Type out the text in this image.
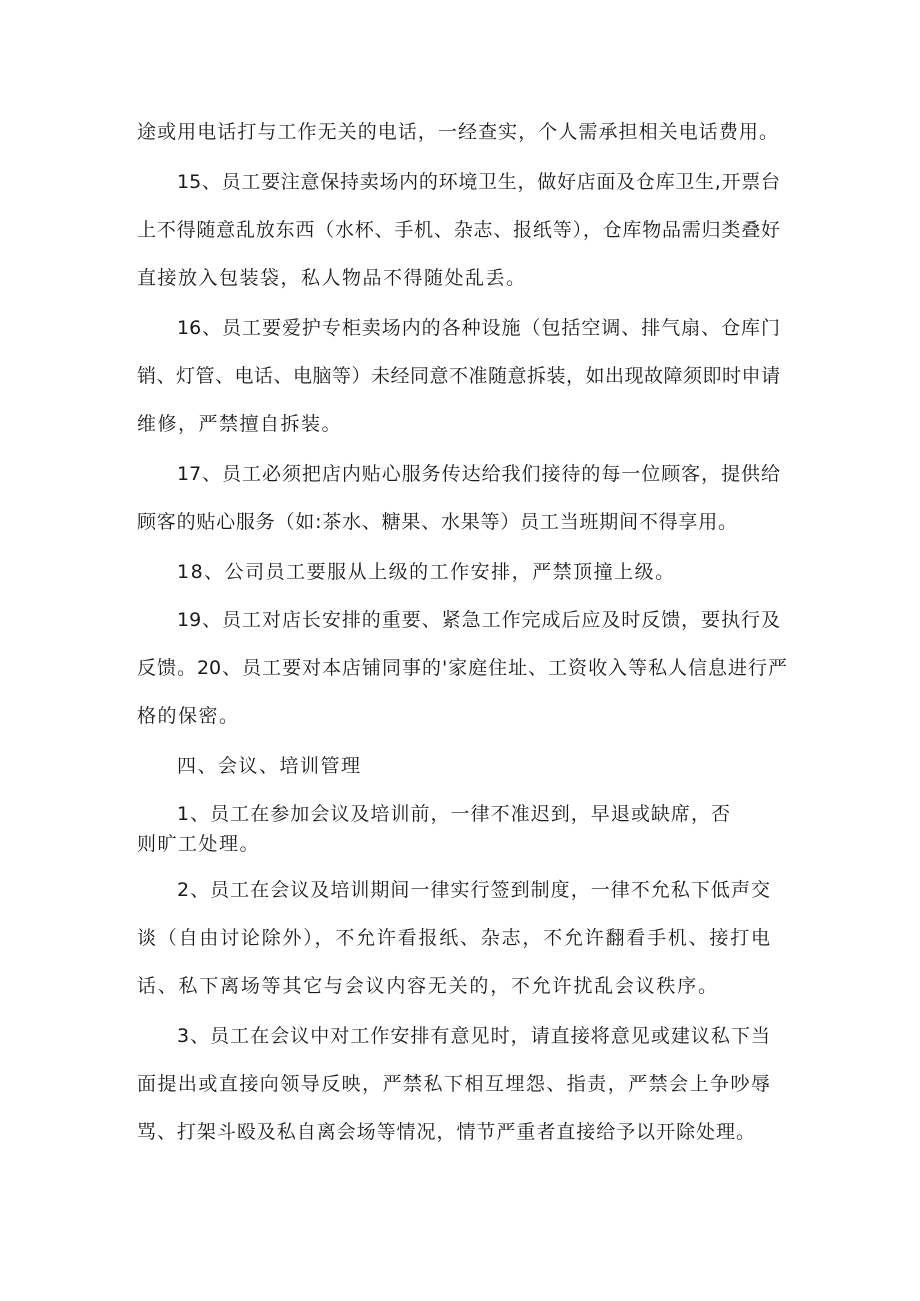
途或用电话打与工作无关的电话，一经查实，个人需承担相关电话费用。
15、员工要注意保持卖场内的环境卫生，做好店面及仓库卫生,开票台
上不得随意乱放东西（水杯、手机、杂志、报纸等），仓库物品需归类叠好
直接放入包装袋，私人物品不得随处乱丢。
16、员工要爱护专柜卖场内的各种设施（包括空调、排气扇、仓库门
销、灯管、电话、电脑等）未经同意不准随意拆装，如出现故障须即时申请
维修，严禁擅自拆装。
17、员工必须把店内贴心服务传达给我们接待的每一位顾客，提供给
顾客的贴心服务（如:茶水、糖果、水果等）员工当班期间不得享用。
18、公司员工要服从上级的工作安排，严禁顶撞上级。
19、员工对店长安排的重要、紧急工作完成后应及时反馈，要执行及
反馈。20、员工要对本店铺同事的'家庭住址、工资收入等私人信息进行严
格的保密。
四、会议、培训管理
1、员工在参加会议及培训前，一律不准迟到，早退或缺席，否
则旷工处理。
2、员工在会议及培训期间一律实行签到制度，一律不允私下低声交
谈（自由讨论除外），不允许看报纸、杂志，不允许翻看手机、接打电
话、私下离场等其它与会议内容无关的，不允许扰乱会议秩序。
3、员工在会议中对工作安排有意见时，请直接将意见或建议私下当
面提出或直接向领导反映，严禁私下相互埋怨、指责，严禁会上争吵辱
骂、打架斗殴及私自离会场等情况，情节严重者直接给予以开除处理。
